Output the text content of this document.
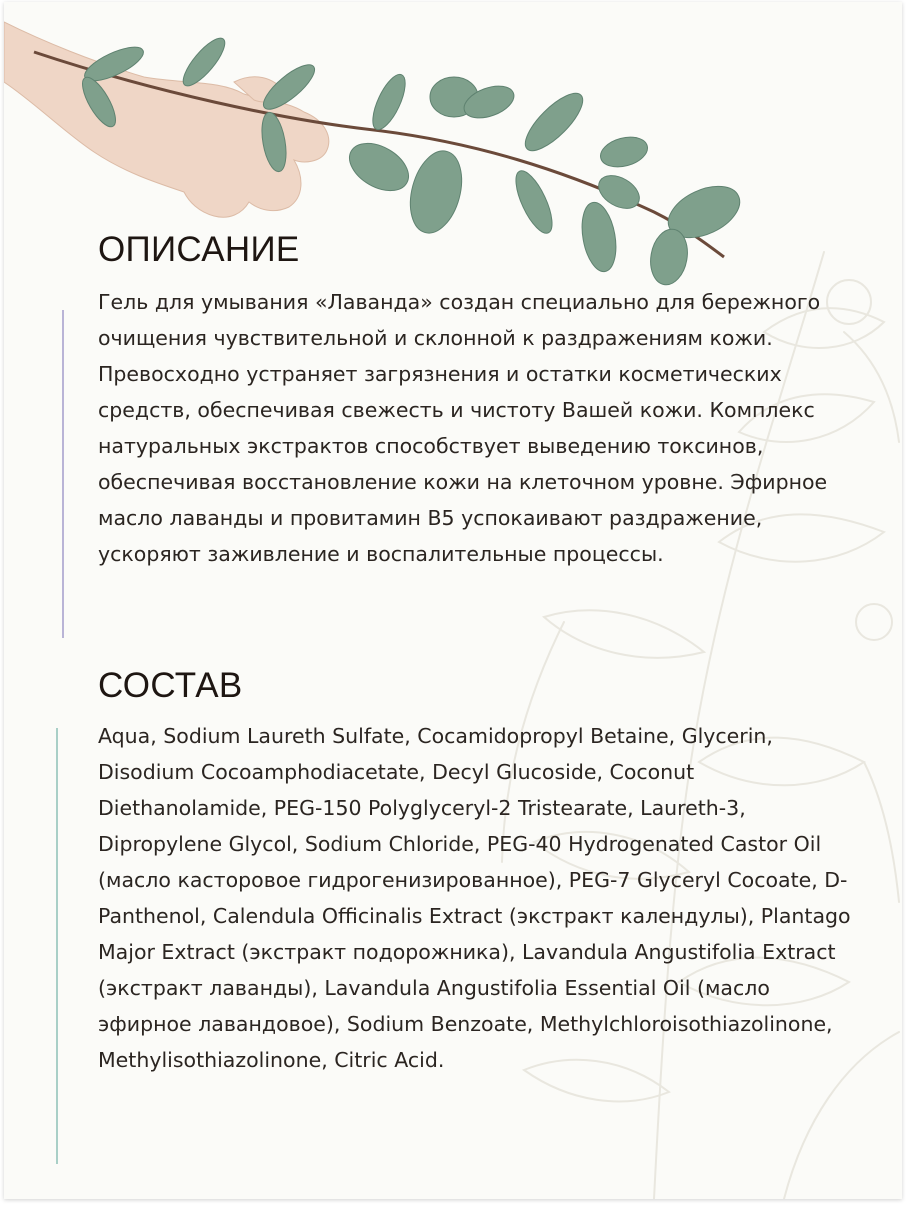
ОПИСАНИЕ

Гель для умывания «Лаванда» создан специально для бережного очищения чувствительной и склонной к раздражениям кожи. Превосходно устраняет загрязнения и остатки косметических средств, обеспечивая свежесть и чистоту Вашей кожи. Комплекс натуральных экстрактов способствует выведению токсинов, обеспечивая восстановление кожи на клеточном уровне. Эфирное масло лаванды и провитамин В5 успокаивают раздражение, ускоряют заживление и воспалительные процессы.

СОСТАВ

Aqua, Sodium Laureth Sulfate, Cocamidopropyl Betaine, Glycerin, Disodium Cocoamphodiacetate, Decyl Glucoside, Coconut Diethanolamide, PEG-150 Polyglyceryl-2 Tristearate, Laureth-3, Dipropylene Glycol, Sodium Chloride, PEG-40 Hydrogenated Castor Oil (масло касторовое гидрогенизированное), PEG-7 Glyceryl Cocoate, D-Panthenol, Calendula Officinalis Extract (экстракт календулы), Plantago Major Extract (экстракт подорожника), Lavandula Angustifolia Extract (экстракт лаванды), Lavandula Angustifolia Essential Oil (масло эфирное лавандовое), Sodium Benzoate, Methylchloroisothiazolinone, Methylisothiazolinone, Citric Acid.
